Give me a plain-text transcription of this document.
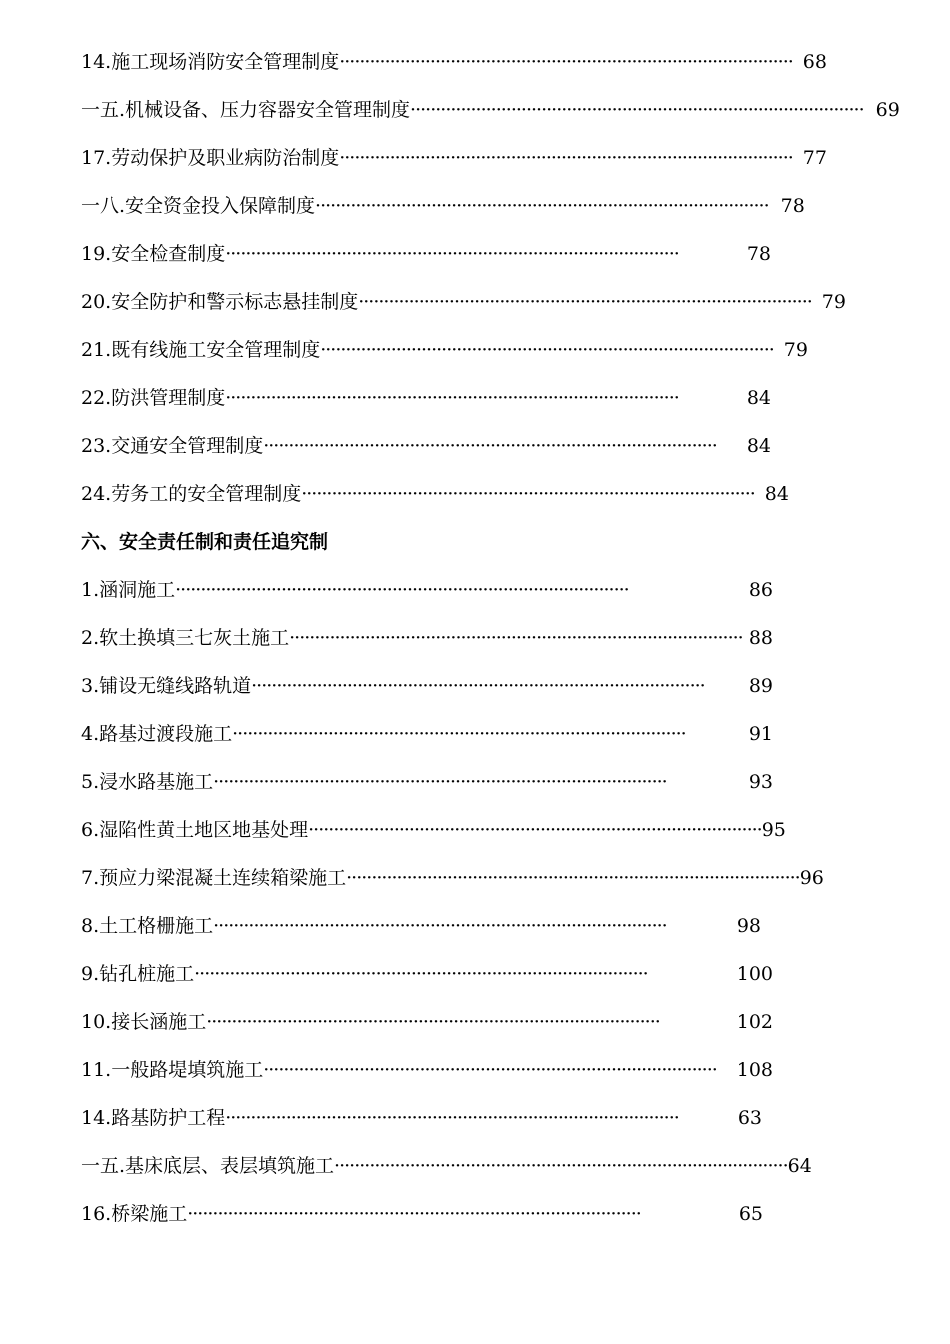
14.施工现场消防安全管理制度 ·························································································· 68
一五.机械设备、压力容器安全管理制度 ·························································································· 69
17.劳动保护及职业病防治制度 ·························································································· 77
一八.安全资金投入保障制度 ·························································································· 78
19.安全检查制度 ··························································································	78
20.安全防护和警示标志悬挂制度 ·························································································· 79
21.既有线施工安全管理制度 ·························································································· 79
22.防洪管理制度 ··························································································	84
23.交通安全管理制度 ··························································································	84
24.劳务工的安全管理制度 ·························································································· 84
六、安全责任制和责任追究制
1.涵洞施工 ··························································································	86
2.软土换填三七灰土施工 ·························································································· 88
3.铺设无缝线路轨道 ··························································································	89
4.路基过渡段施工 ··························································································	91
5.浸水路基施工 ··························································································	93
6.湿陷性黄土地区地基处理 ·························································································· 95
7.预应力梁混凝土连续箱梁施工 ·························································································· 96
8.土工格栅施工 ··························································································	98
9.钻孔桩施工 ··························································································	100
10.接长涵施工 ··························································································	102
11.一般路堤填筑施工 ··························································································	108
14.路基防护工程 ··························································································	63
一五.基床底层、表层填筑施工 ·························································································· 64
16.桥梁施工 ··························································································	65
